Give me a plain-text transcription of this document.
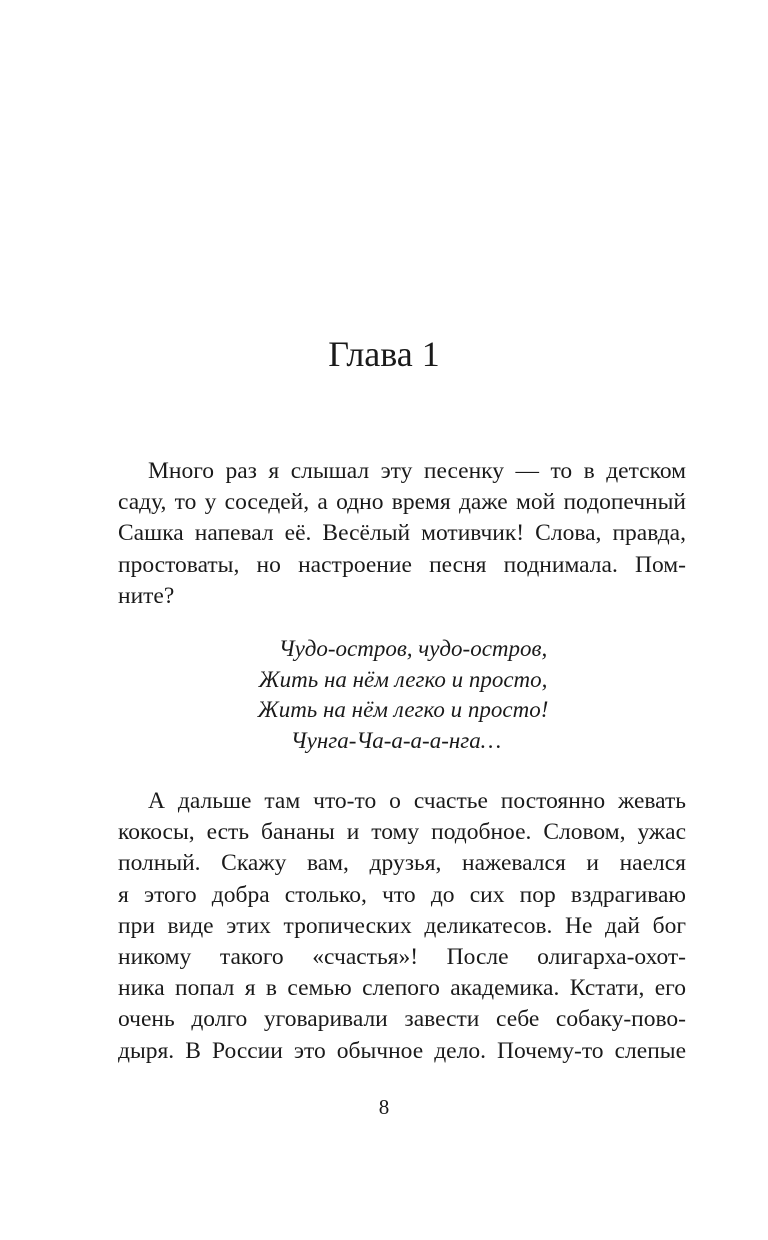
Глава 1
Много раз я слышал эту песенку — то в детском
саду, то у соседей, а одно время даже мой подопечный
Сашка напевал её. Весёлый мотивчик! Слова, правда,
простоваты, но настроение песня поднимала. Пом-
ните?
Чудо-остров, чудо-остров,
Жить на нём легко и просто,
Жить на нём легко и просто!
Чунга-Ча-а-а-а-нга…
А дальше там что-то о счастье постоянно жевать
кокосы, есть бананы и тому подобное. Словом, ужас
полный. Скажу вам, друзья, нажевался и наелся
я этого добра столько, что до сих пор вздрагиваю
при виде этих тропических деликатесов. Не дай бог
никому такого «счастья»! После олигарха-охот-
ника попал я в семью слепого академика. Кстати, его
очень долго уговаривали завести себе собаку-пово-
дыря. В России это обычное дело. Почему-то слепые
8
